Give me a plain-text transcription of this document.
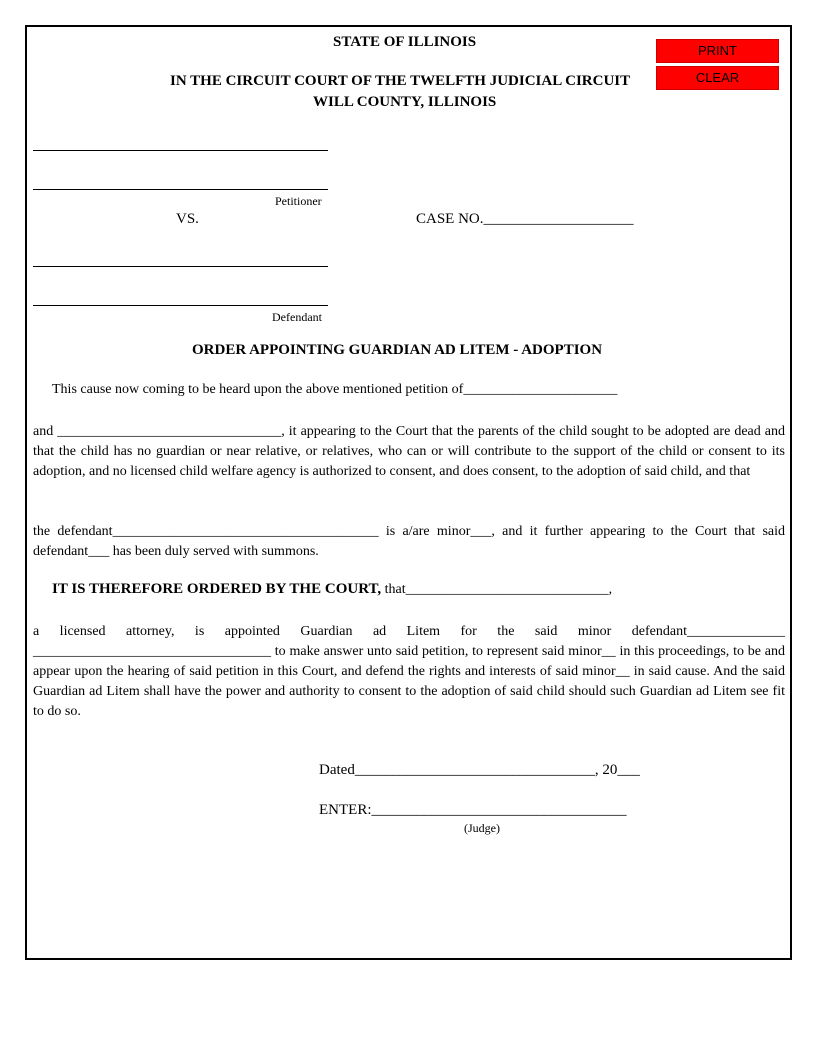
STATE OF ILLINOIS
IN THE CIRCUIT COURT OF THE TWELFTH JUDICIAL CIRCUIT
WILL COUNTY, ILLINOIS
PRINT
CLEAR
Petitioner
VS.	CASE NO.____________________
Defendant
ORDER APPOINTING GUARDIAN AD LITEM - ADOPTION
This cause now coming to be heard upon the above mentioned petition of______________________
and ________________________________, it appearing to the Court that the parents of the child sought to be adopted are dead and that the child has no guardian or near relative, or relatives, who can or will contribute to the support of the child or consent to its adoption, and no licensed child welfare agency is authorized to consent, and does consent, to the adoption of said child, and that
the defendant______________________________________ is a/are minor___, and it further appearing to the Court that said defendant___ has been duly served with summons.
IT IS THEREFORE ORDERED BY THE COURT, that_____________________________,
a licensed attorney, is appointed Guardian ad Litem for the said minor defendant______________ __________________________________ to make answer unto said petition, to represent said minor__ in this proceedings, to be and appear upon the hearing of said petition in this Court, and defend the rights and interests of said minor__ in said cause. And the said Guardian ad Litem shall have the power and authority to consent to the adoption of said child should such Guardian ad Litem see fit to do so.
Dated________________________________, 20___
ENTER:__________________________________
(Judge)
